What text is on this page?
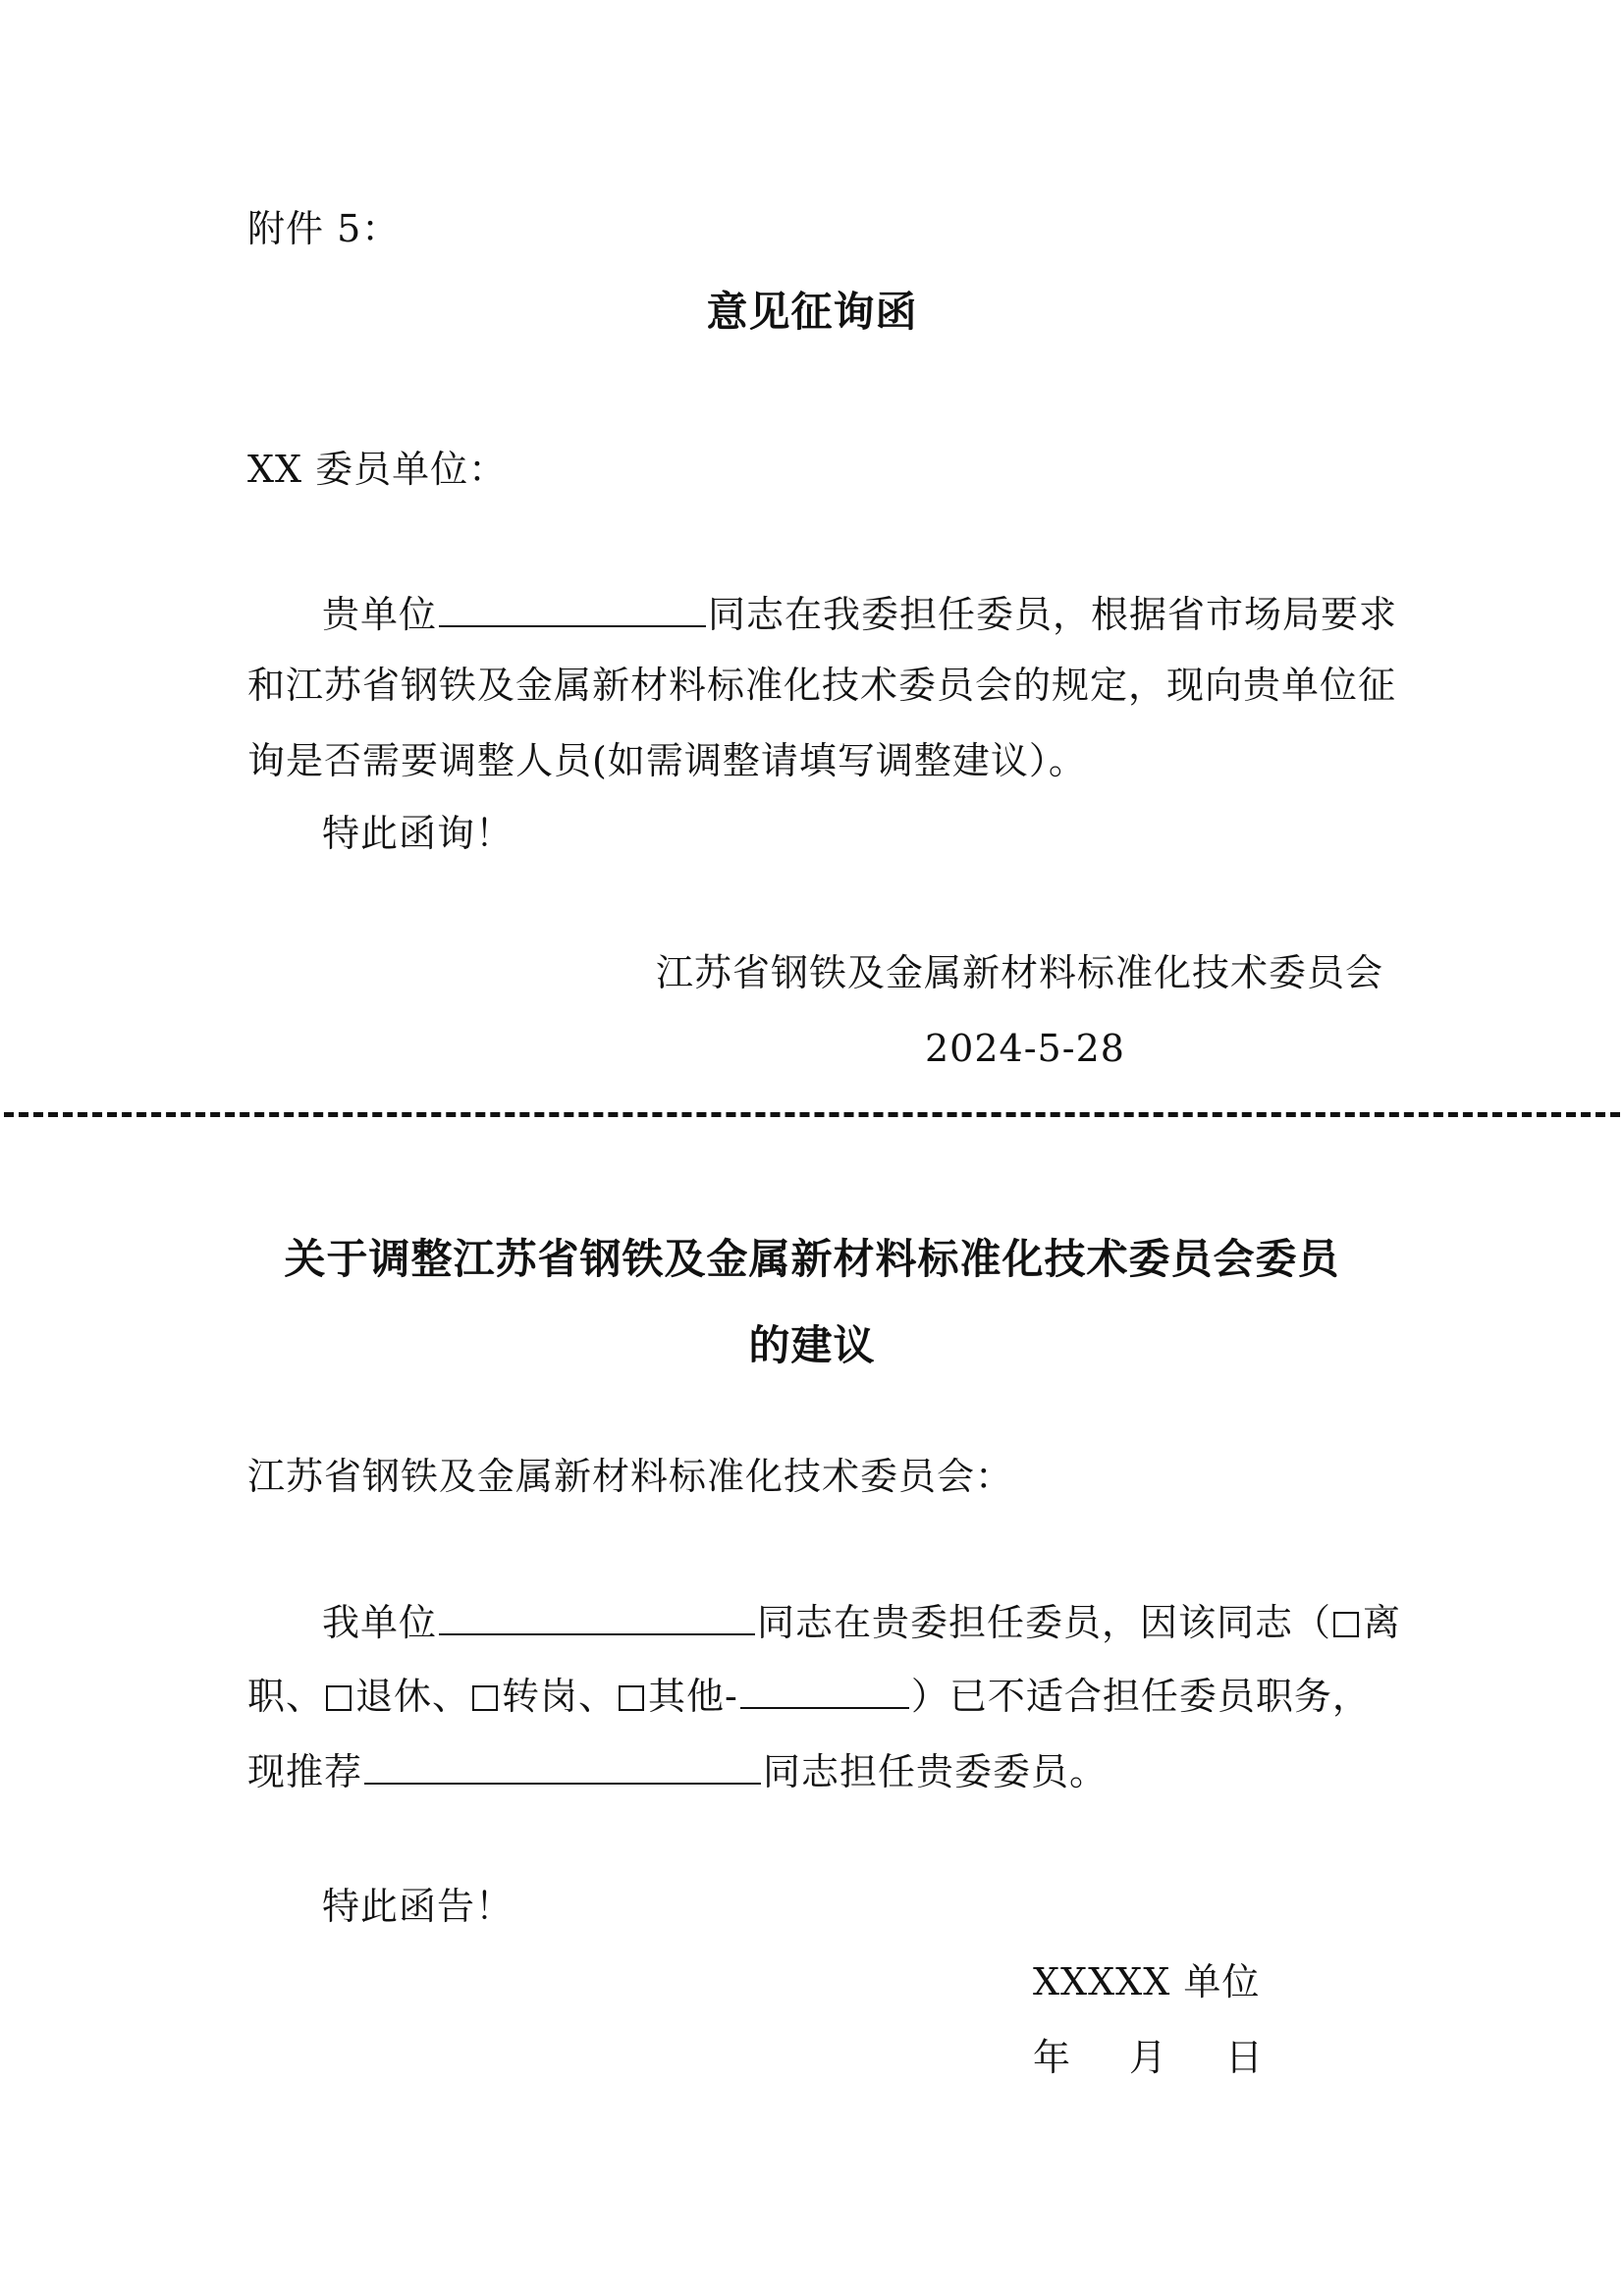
附件 5：
意见征询函
XX 委员单位：
贵单位	同志在我委担任委员，根据省市场局要求
和江苏省钢铁及金属新材料标准化技术委员会的规定，现向贵单位征
询是否需要调整人员(如需调整请填写调整建议）。
特此函询！
江苏省钢铁及金属新材料标准化技术委员会
2024-5-28
关于调整江苏省钢铁及金属新材料标准化技术委员会委员
的建议
江苏省钢铁及金属新材料标准化技术委员会：
我单位	同志在贵委担任委员，因该同志（ 离
职、 退休、 转岗、 其他-	）已不适合担任委员职务，
现推荐	同志担任贵委委员。
特此函告！
XXXXX 单位
年 月 日
